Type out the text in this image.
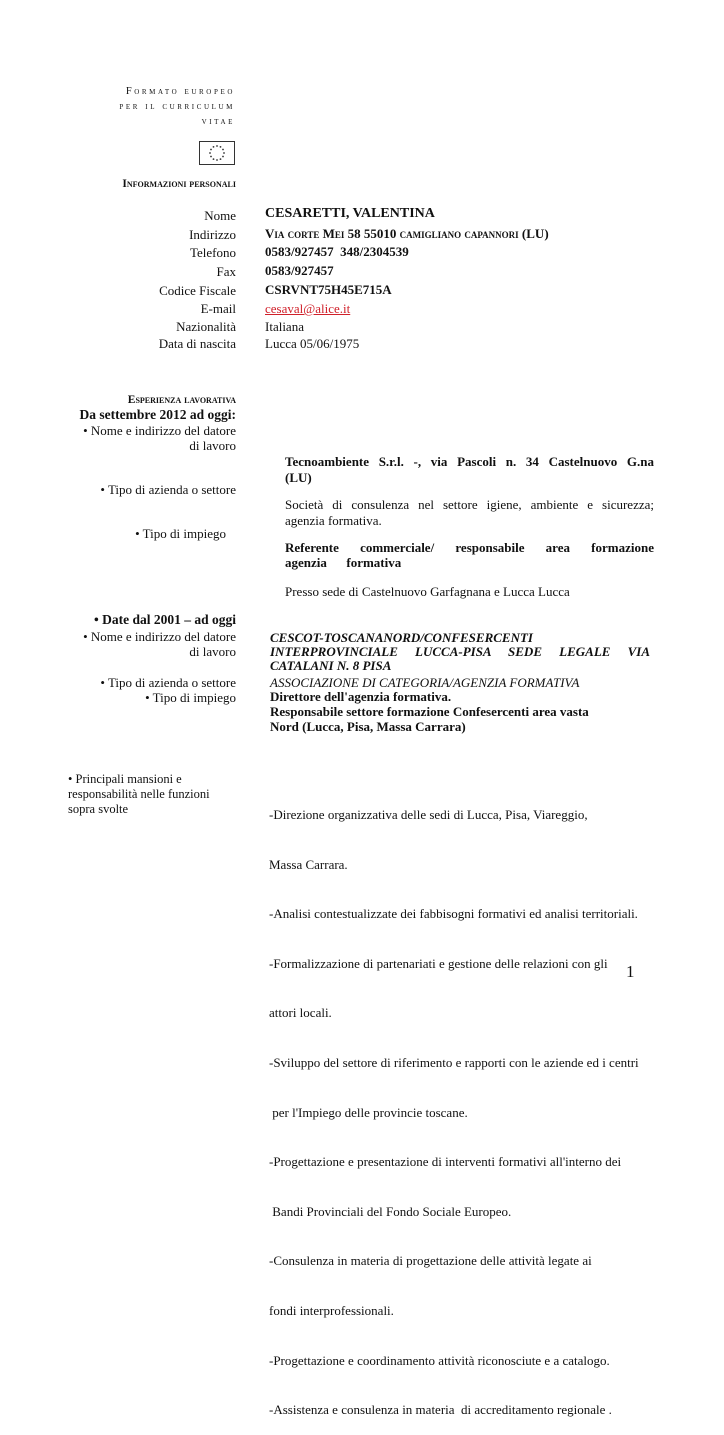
Formato europeo
per il curriculum
vitae
Informazioni personali
Nome CESARETTI, VALENTINA
Indirizzo Via corte Mei 58 55010 camigliano capannori (LU)
Telefono 0583/927457  348/2304539
Fax 0583/927457
Codice Fiscale CSRVNT75H45E715A
E-mail cesaval@alice.it
Nazionalità Italiana
Data di nascita Lucca 05/06/1975
Esperienza lavorativa
Da settembre 2012 ad oggi:
• Nome e indirizzo del datore di lavoro
Tecnoambiente S.r.l. -, via Pascoli n. 34 Castelnuovo G.na
(LU)
• Tipo di azienda o settore
Società di consulenza nel settore igiene, ambiente e sicurezza;
agenzia formativa.
• Tipo di impiego
Referente commerciale/ responsabile area formazione
agenzia      formativa
Presso sede di Castelnuovo Garfagnana e Lucca Lucca
• Date dal 2001 – ad oggi
• Nome e indirizzo del datore di lavoro
CESCOT-TOSCANANORD/CONFESERCENTI
INTERPROVINCIALE LUCCA-PISA SEDE LEGALE VIA
CATALANI N. 8 PISA
• Tipo di azienda o settore	ASSOCIAZIONE DI CATEGORIA/AGENZIA FORMATIVA
• Tipo di impiego	Direttore dell'agenzia formativa.
Responsabile settore formazione Confesercenti area vasta
Nord (Lucca, Pisa, Massa Carrara)
• Principali mansioni e
responsabilità nelle funzioni
sopra svolte

	-Direzione organizzativa delle sedi di Lucca, Pisa, Viareggio,

Massa Carrara.

-Analisi contestualizzate dei fabbisogni formativi ed analisi territoriali.

-Formalizzazione di partenariati e gestione delle relazioni con gli

attori locali.

-Sviluppo del settore di riferimento e rapporti con le aziende ed i centri

per l'Impiego delle provincie toscane.

-Progettazione e presentazione di interventi formativi all'interno dei

Bandi Provinciali del Fondo Sociale Europeo.

-Consulenza in materia di progettazione delle attività legate ai

fondi interprofessionali.

-Progettazione e coordinamento attività riconosciute e a catalogo.

-Assistenza e consulenza in materia  di accreditamento regionale .

1
